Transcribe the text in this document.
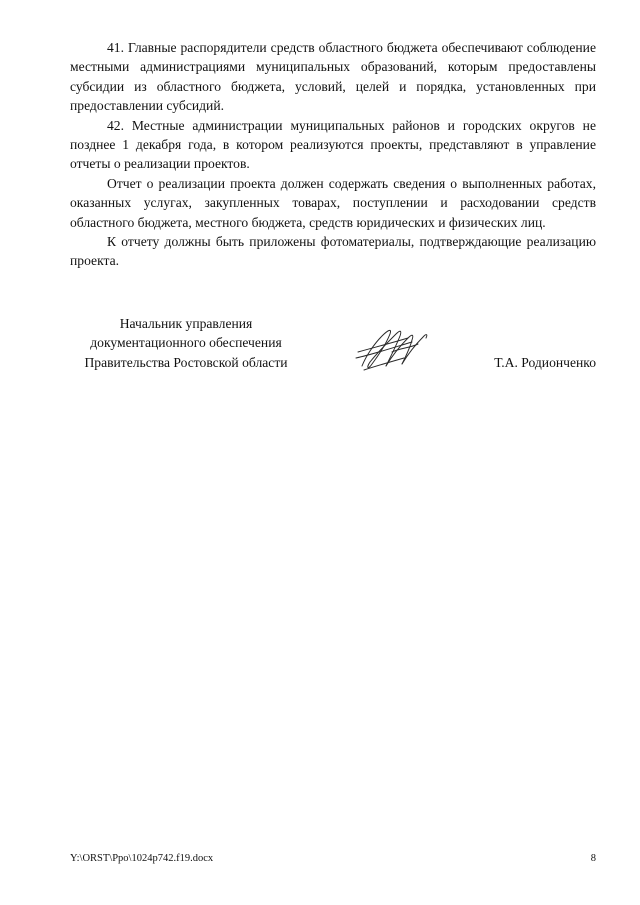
41. Главные распорядители средств областного бюджета обеспечивают соблюдение местными администрациями муниципальных образований, которым предоставлены субсидии из областного бюджета, условий, целей и порядка, установленных при предоставлении субсидий.

42. Местные администрации муниципальных районов и городских округов не позднее 1 декабря года, в котором реализуются проекты, представляют в управление отчеты о реализации проектов.

Отчет о реализации проекта должен содержать сведения о выполненных работах, оказанных услугах, закупленных товарах, поступлении и расходовании средств областного бюджета, местного бюджета, средств юридических и физических лиц.

К отчету должны быть приложены фотоматериалы, подтверждающие реализацию проекта.

Начальник управления
документационного обеспечения
Правительства Ростовской области	Т.А. Родионченко
Y:\ORST\Ppo\1024p742.f19.docx	8
